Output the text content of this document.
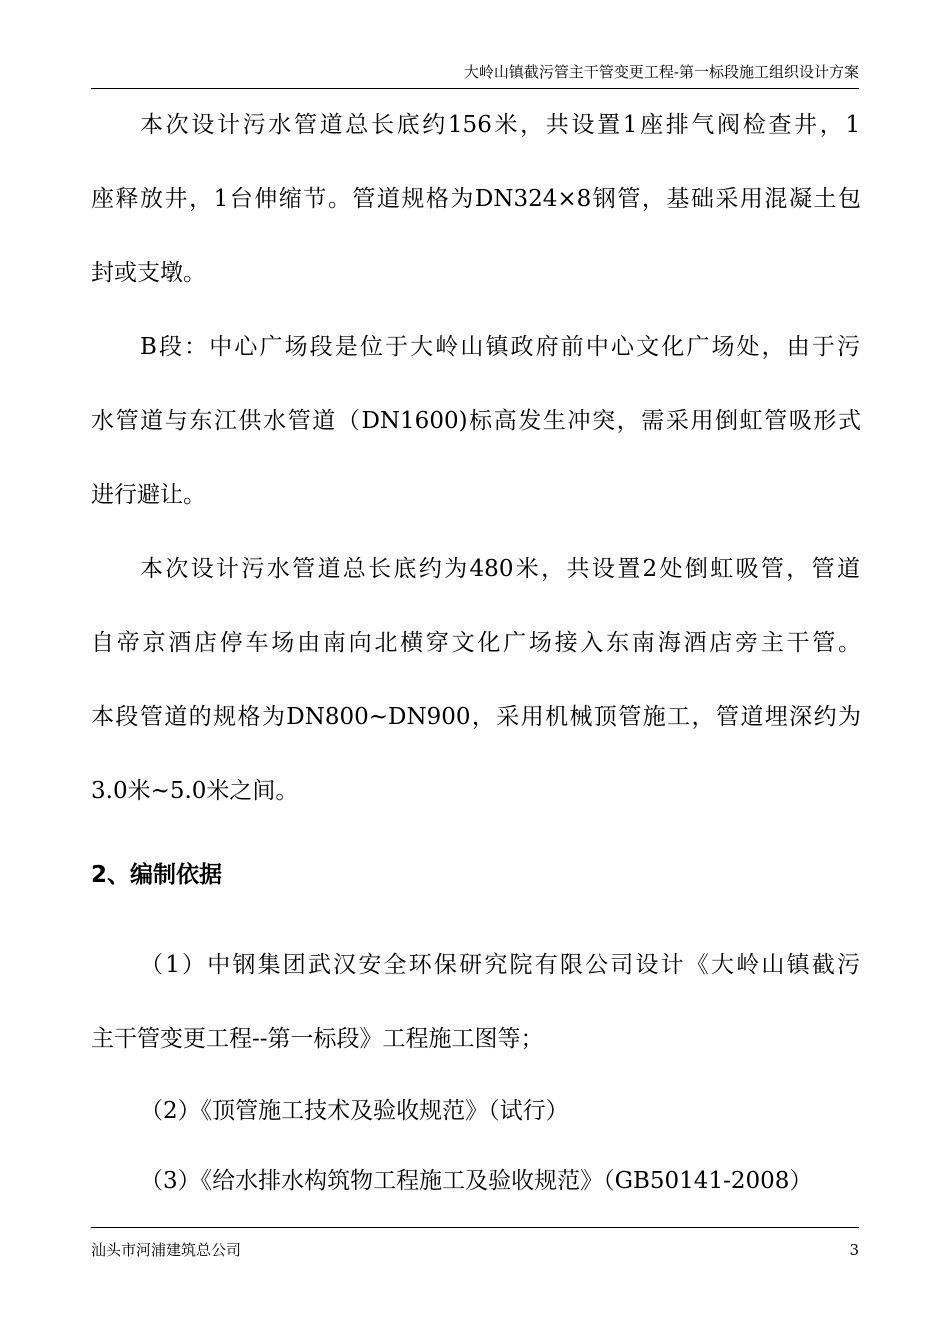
大岭山镇截污管主干管变更工程-第一标段施工组织设计方案
本次设计污水管道总长底约156米，共设置1座排气阀检查井，1
座释放井，1台伸缩节。管道规格为DN324×8钢管，基础采用混凝土包
封或支墩。
B段：中心广场段是位于大岭山镇政府前中心文化广场处，由于污
水管道与东江供水管道（DN1600)标高发生冲突，需采用倒虹管吸形式
进行避让。
本次设计污水管道总长底约为480米，共设置2处倒虹吸管，管道
自帝京酒店停车场由南向北横穿文化广场接入东南海酒店旁主干管。
本段管道的规格为DN800~DN900，采用机械顶管施工，管道埋深约为
3.0米~5.0米之间。
2、编制依据
（1）中钢集团武汉安全环保研究院有限公司设计《大岭山镇截污
主干管变更工程--第一标段》工程施工图等；
（2）《顶管施工技术及验收规范》（试行）
（3）《给水排水构筑物工程施工及验收规范》（GB50141-2008）
汕头市河浦建筑总公司	3
